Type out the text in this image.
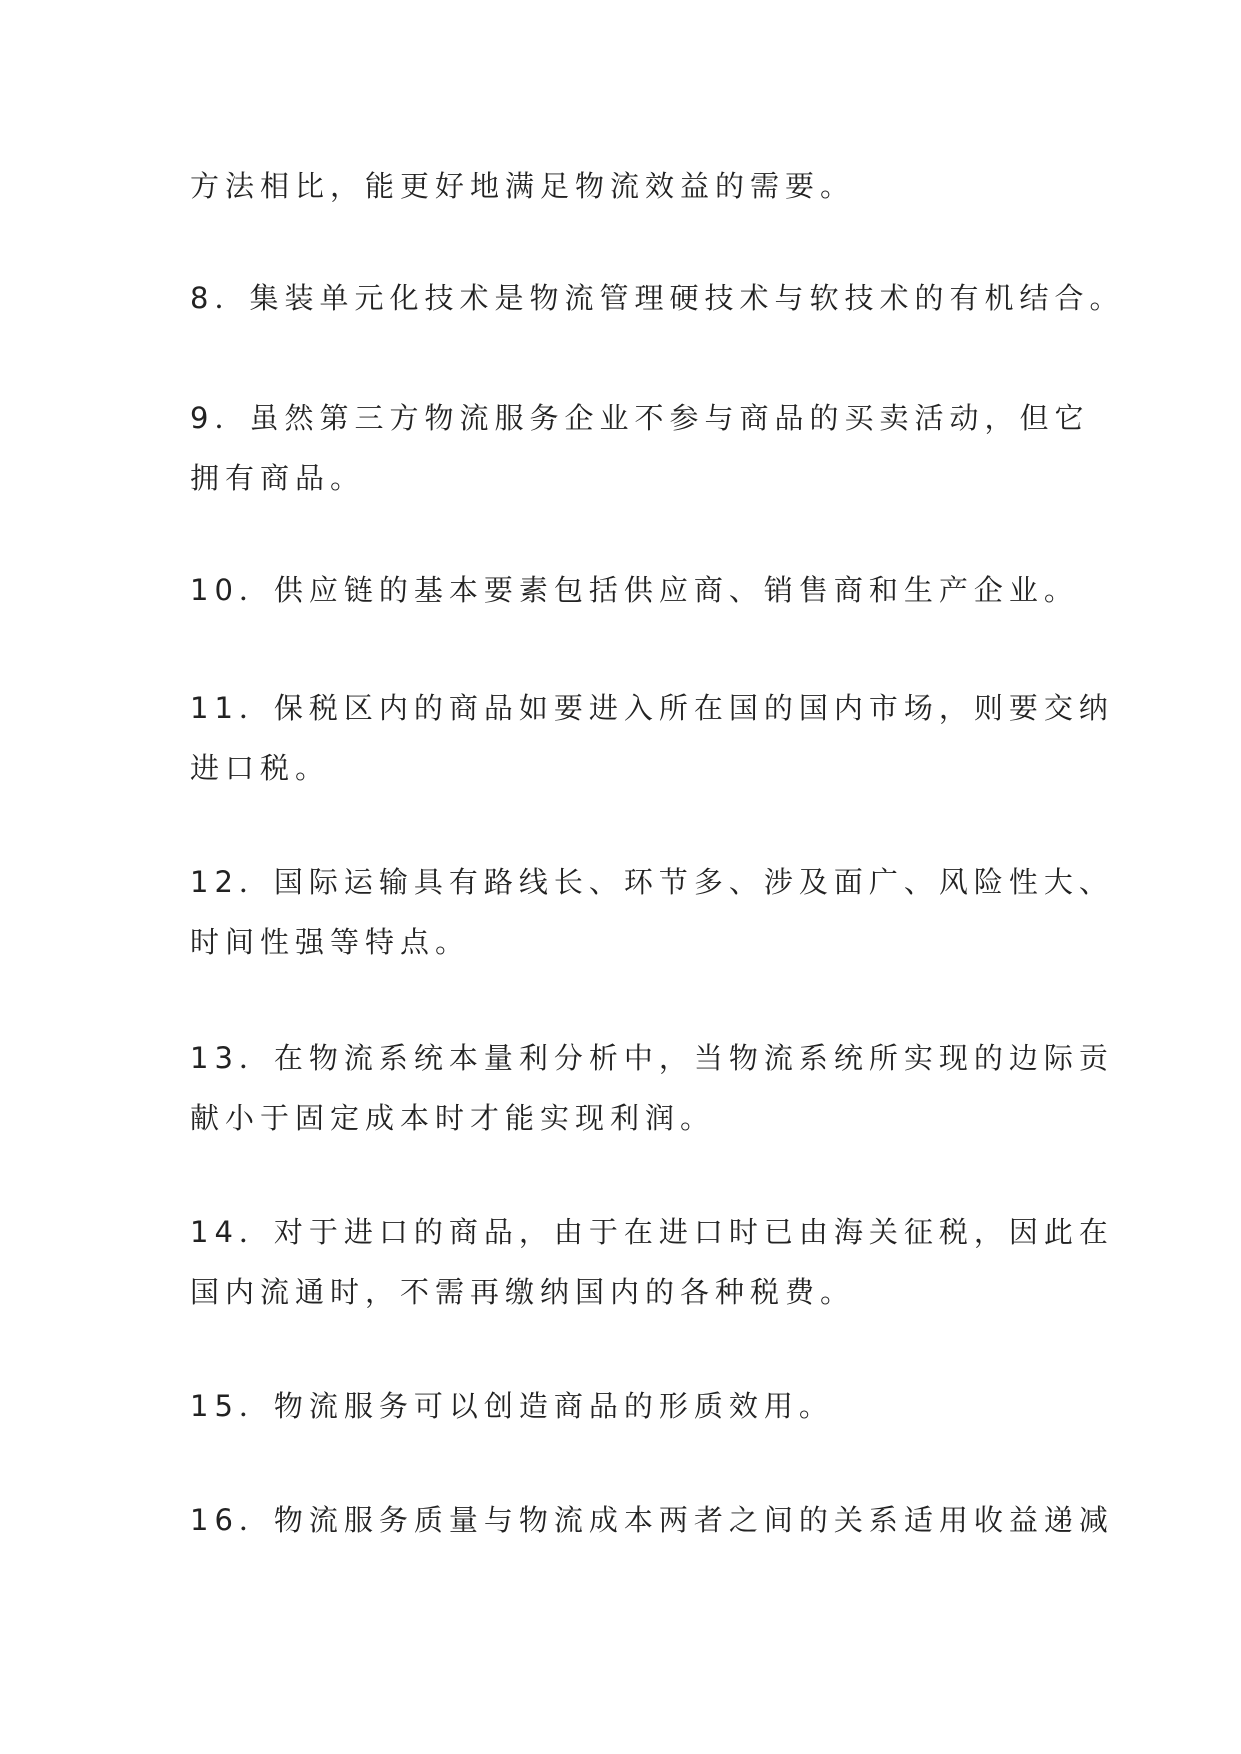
方法相比，能更好地满足物流效益的需要。
8．集装单元化技术是物流管理硬技术与软技术的有机结合。
9．虽然第三方物流服务企业不参与商品的买卖活动，但它
拥有商品。
10．供应链的基本要素包括供应商、销售商和生产企业。
11．保税区内的商品如要进入所在国的国内市场，则要交纳
进口税。
12．国际运输具有路线长、环节多、涉及面广、风险性大、
时间性强等特点。
13．在物流系统本量利分析中，当物流系统所实现的边际贡
献小于固定成本时才能实现利润。
14．对于进口的商品，由于在进口时已由海关征税，因此在
国内流通时，不需再缴纳国内的各种税费。
15．物流服务可以创造商品的形质效用。
16．物流服务质量与物流成本两者之间的关系适用收益递减
